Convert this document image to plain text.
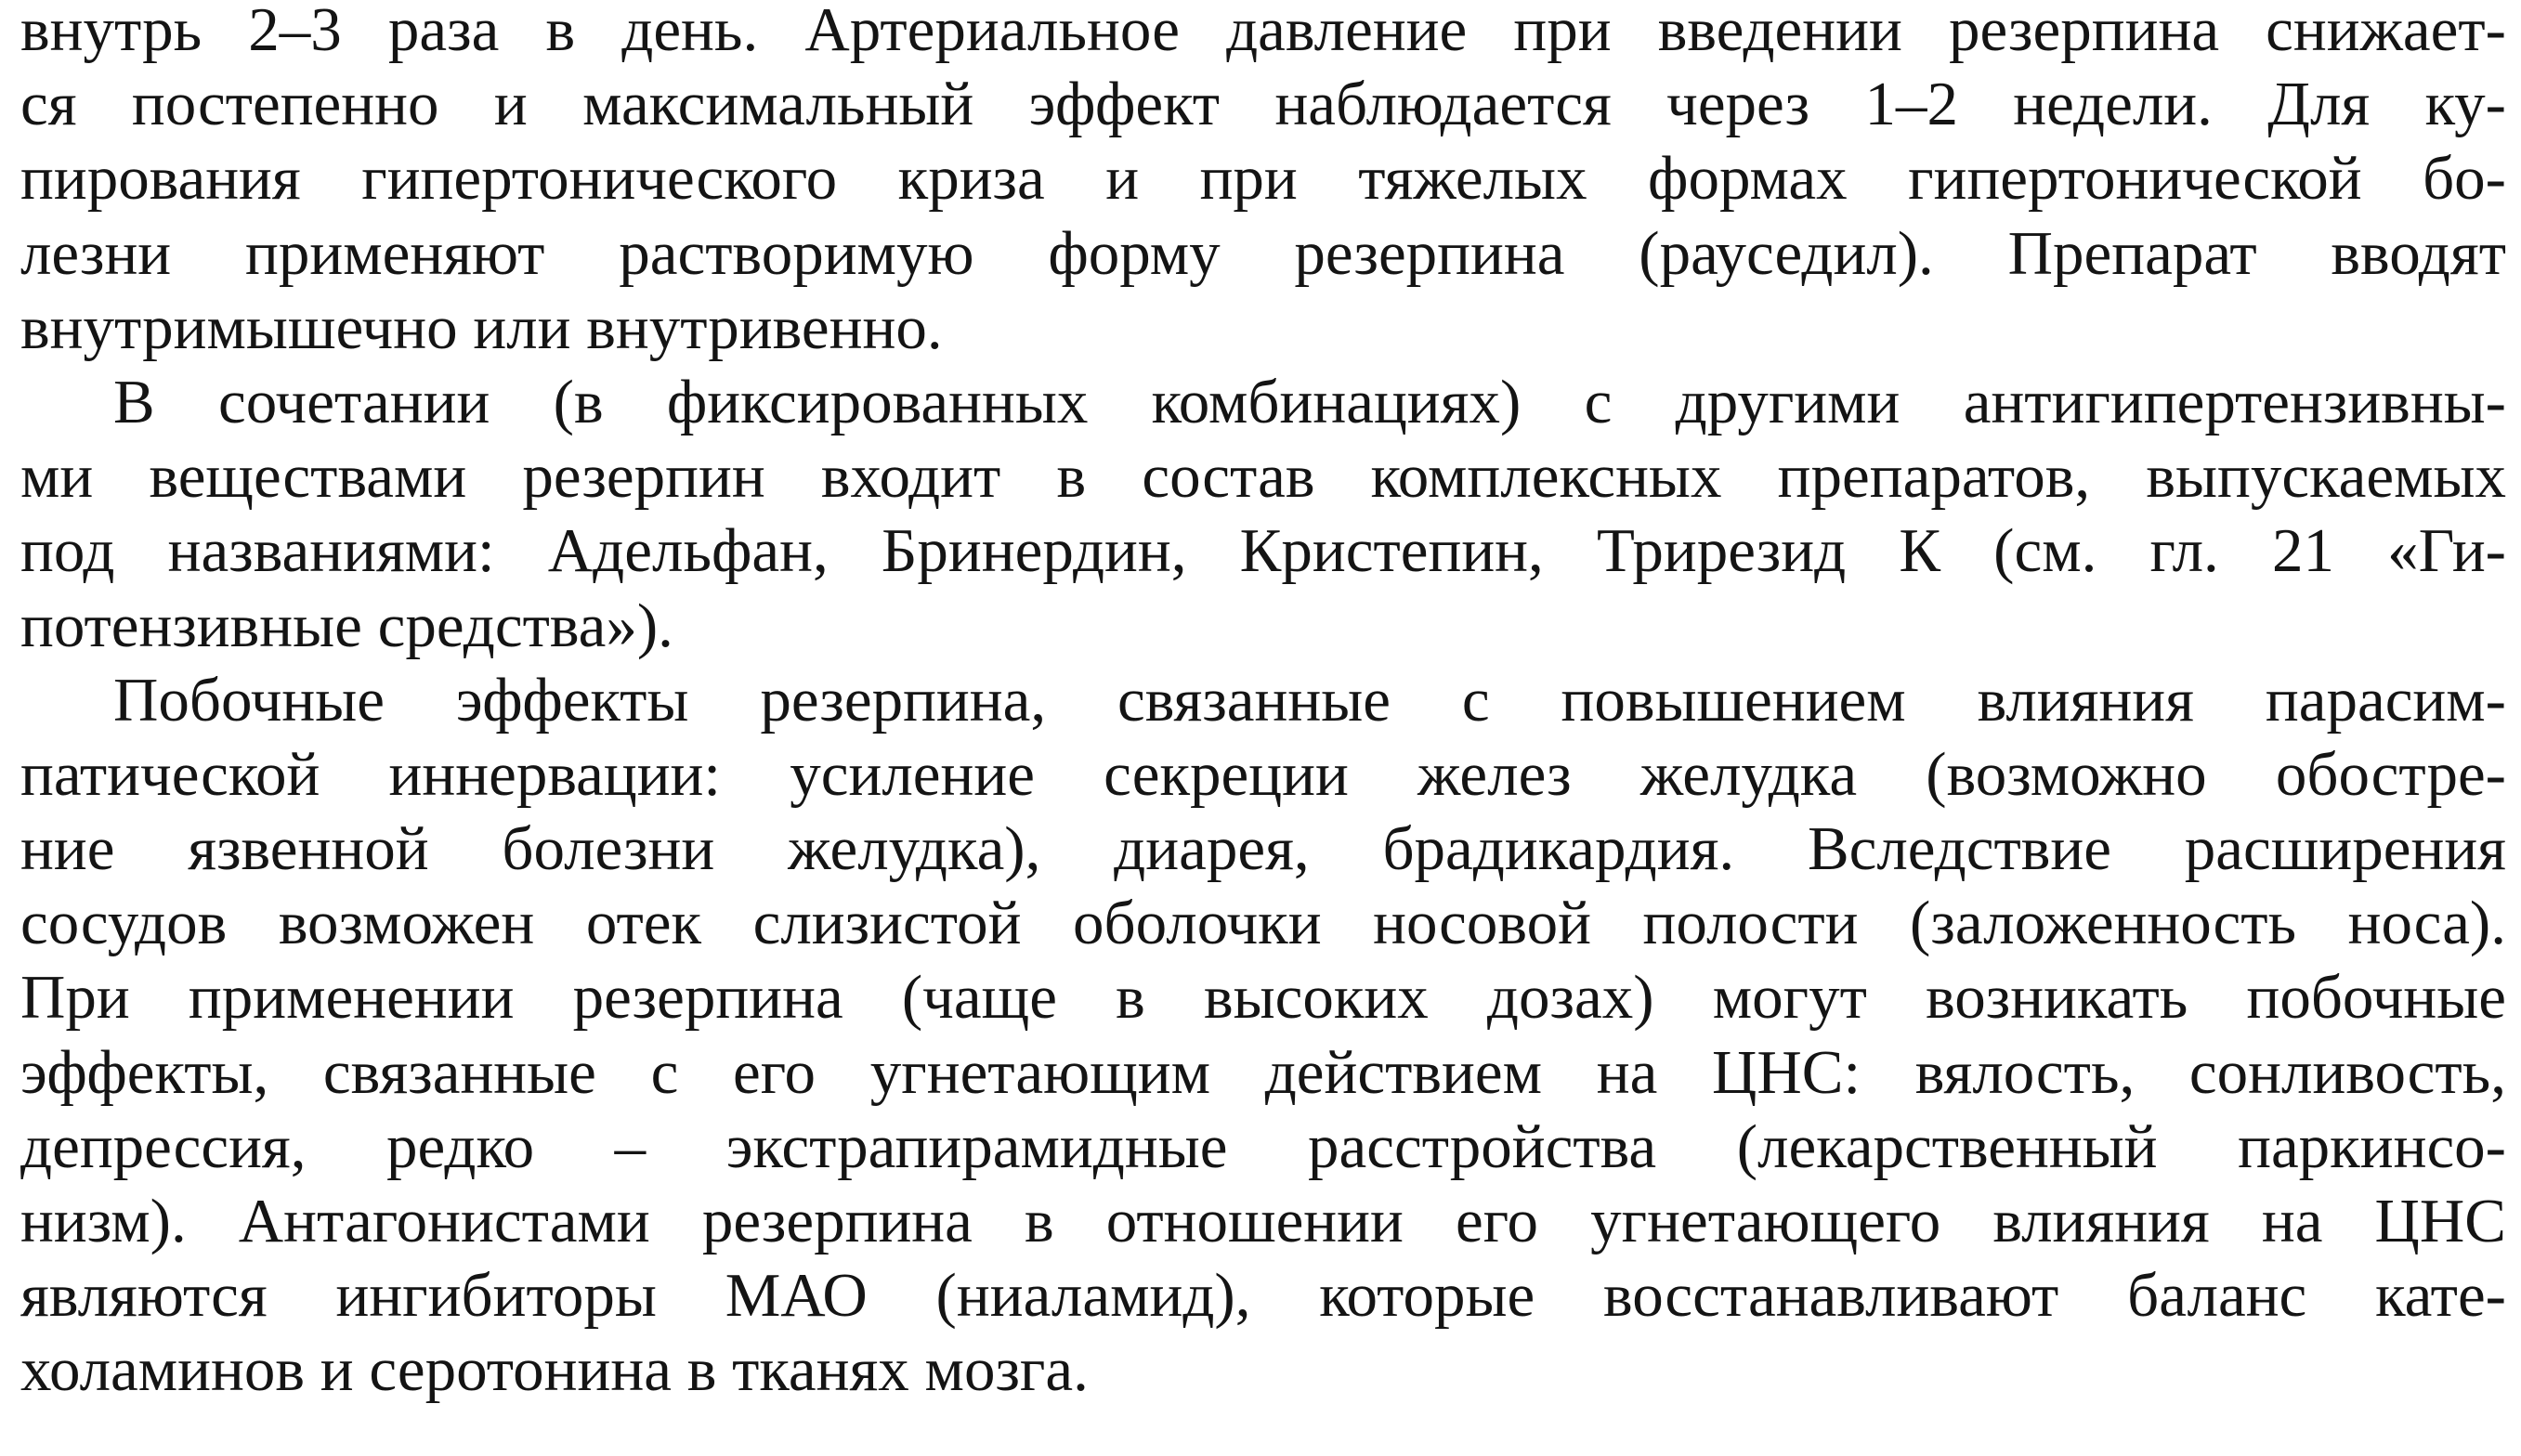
внутрь 2–3 раза в день. Артериальное давление при введении резерпина снижает-
ся постепенно и максимальный эффект наблюдается через 1–2 недели. Для ку-
пирования гипертонического криза и при тяжелых формах гипертонической бо-
лезни применяют растворимую форму резерпина (рауседил). Препарат вводят
внутримышечно или внутривенно.

В сочетании (в фиксированных комбинациях) с другими антигипертензивны-
ми веществами резерпин входит в состав комплексных препаратов, выпускаемых
под названиями: Адельфан, Бринердин, Кристепин, Трирезид К (см. гл. 21 «Ги-
потензивные средства»).

Побочные эффекты резерпина, связанные с повышением влияния парасим-
патической иннервации: усиление секреции желез желудка (возможно обостре-
ние язвенной болезни желудка), диарея, брадикардия. Вследствие расширения
сосудов возможен отек слизистой оболочки носовой полости (заложенность носа).
При применении резерпина (чаще в высоких дозах) могут возникать побочные
эффекты, связанные с его угнетающим действием на ЦНС: вялость, сонливость,
депрессия, редко – экстрапирамидные расстройства (лекарственный паркинсо-
низм). Антагонистами резерпина в отношении его угнетающего влияния на ЦНС
являются ингибиторы МАО (ниаламид), которые восстанавливают баланс кате-
холаминов и серотонина в тканях мозга.
